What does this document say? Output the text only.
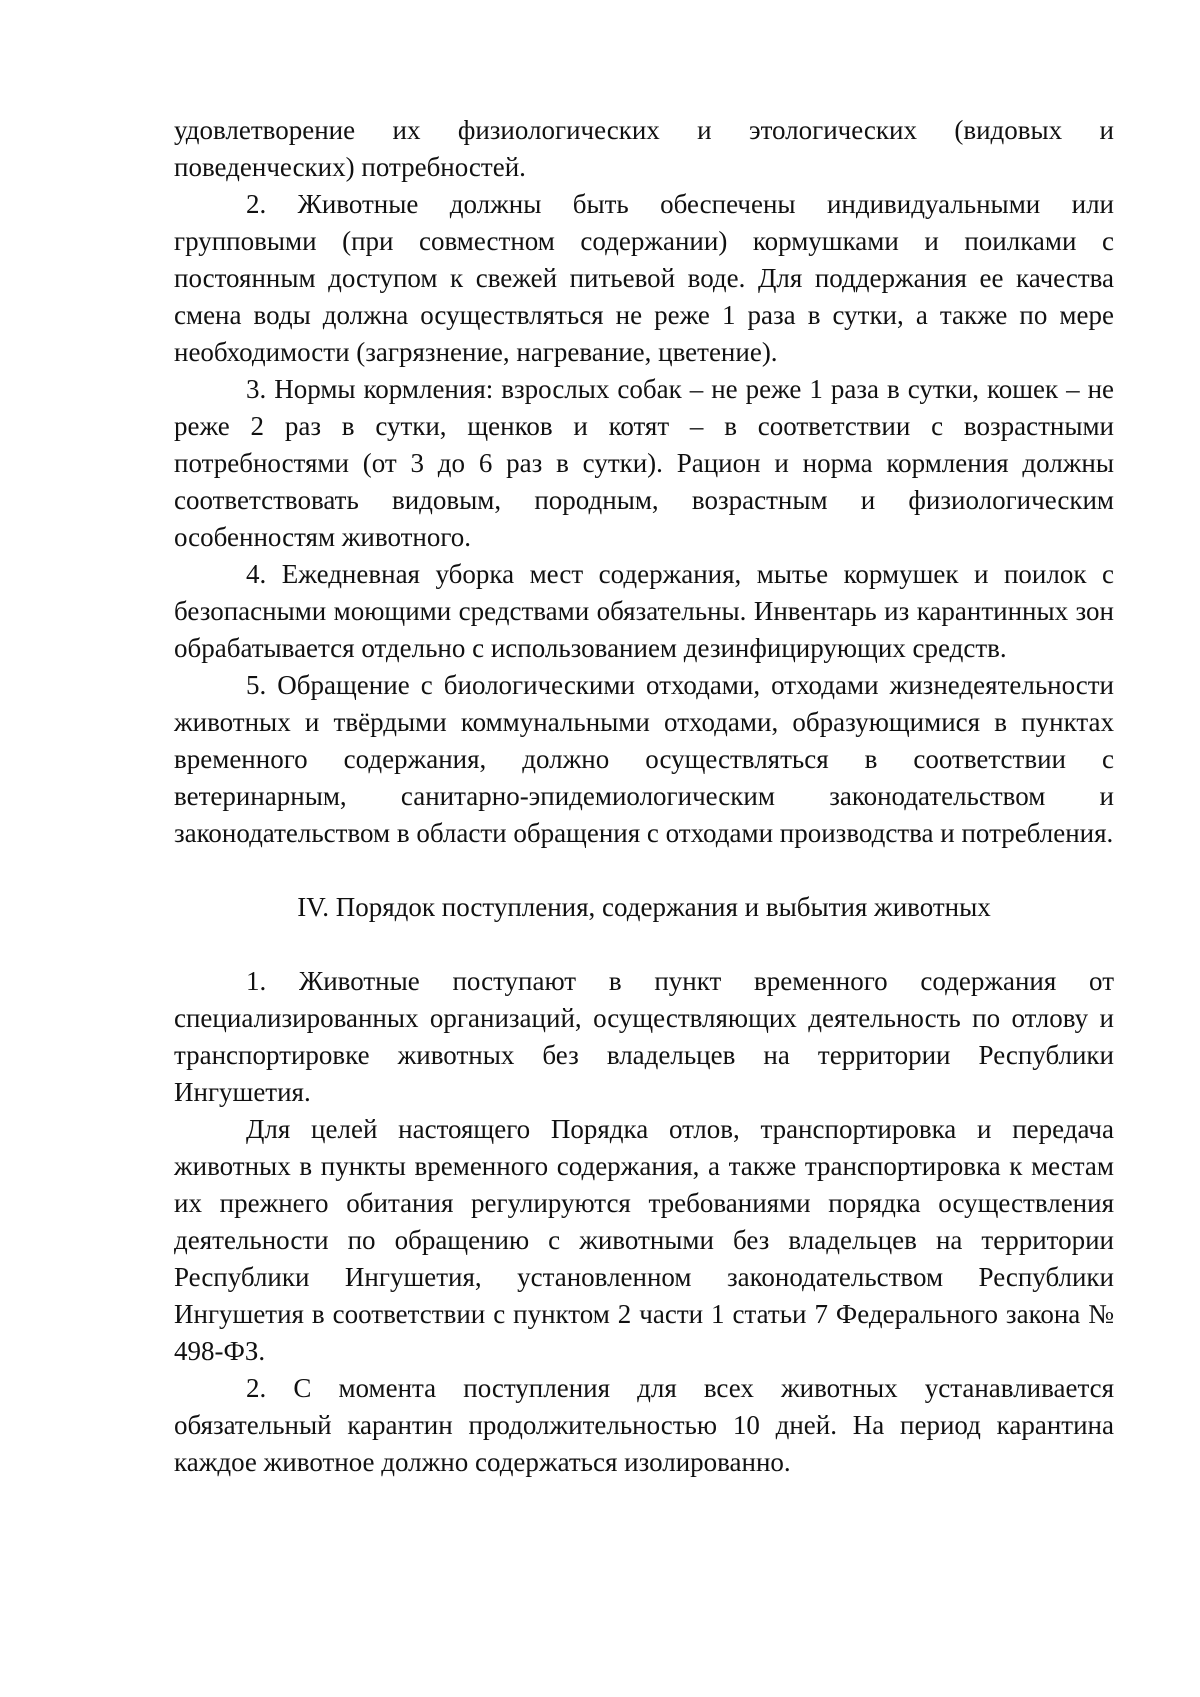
удовлетворение их физиологических и этологических (видовых и поведенческих) потребностей.

2. Животные должны быть обеспечены индивидуальными или групповыми (при совместном содержании) кормушками и поилками с постоянным доступом к свежей питьевой воде. Для поддержания ее качества смена воды должна осуществляться не реже 1 раза в сутки, а также по мере необходимости (загрязнение, нагревание, цветение).

3. Нормы кормления: взрослых собак – не реже 1 раза в сутки, кошек – не реже 2 раз в сутки, щенков и котят – в соответствии с возрастными потребностями (от 3 до 6 раз в сутки). Рацион и норма кормления должны соответствовать видовым, породным, возрастным и физиологическим особенностям животного.

4. Ежедневная уборка мест содержания, мытье кормушек и поилок с безопасными моющими средствами обязательны. Инвентарь из карантинных зон обрабатывается отдельно с использованием дезинфицирующих средств.

5. Обращение с биологическими отходами, отходами жизнедеятельности животных и твёрдыми коммунальными отходами, образующимися в пунктах временного содержания, должно осуществляться в соответствии с ветеринарным, санитарно-эпидемиологическим законодательством и законодательством в области обращения с отходами производства и потребления.

IV. Порядок поступления, содержания и выбытия животных

1. Животные поступают в пункт временного содержания от специализированных организаций, осуществляющих деятельность по отлову и транспортировке животных без владельцев на территории Республики Ингушетия.

Для целей настоящего Порядка отлов, транспортировка и передача животных в пункты временного содержания, а также транспортировка к местам их прежнего обитания регулируются требованиями порядка осуществления деятельности по обращению с животными без владельцев на территории Республики Ингушетия, установленном законодательством Республики Ингушетия в соответствии с пунктом 2 части 1 статьи 7 Федерального закона № 498-ФЗ.

2. С момента поступления для всех животных устанавливается обязательный карантин продолжительностью 10 дней. На период карантина каждое животное должно содержаться изолированно.
